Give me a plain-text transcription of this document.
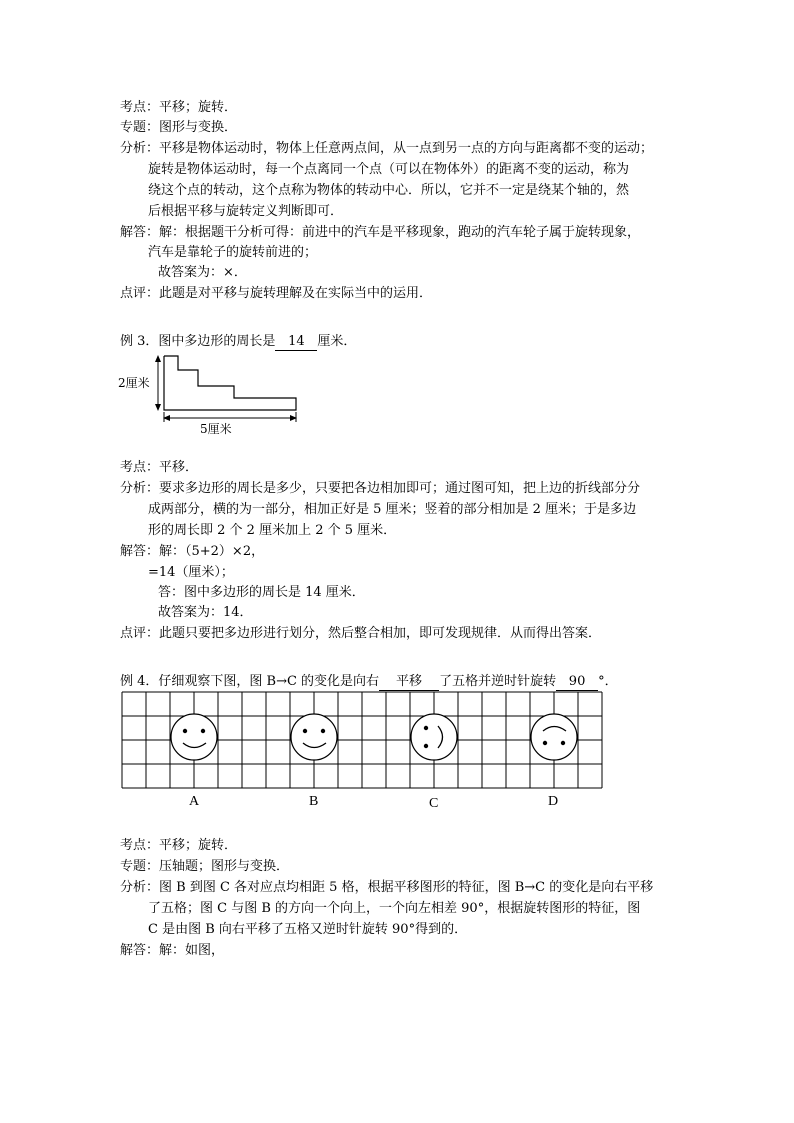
考点：平移；旋转．
专题：图形与变换．
分析：平移是物体运动时，物体上任意两点间，从一点到另一点的方向与距离都不变的运动；
旋转是物体运动时，每一个点离同一个点（可以在物体外）的距离不变的运动，称为
绕这个点的转动，这个点称为物体的转动中心．所以，它并不一定是绕某个轴的，然
后根据平移与旋转定义判断即可．
解答：解：根据题干分析可得：前进中的汽车是平移现象，跑动的汽车轮子属于旋转现象，
汽车是靠轮子的旋转前进的；
故答案为：×．
点评：此题是对平移与旋转理解及在实际当中的运用．
例 3．图中多边形的周长是 14 厘米．
2厘米
5厘米
考点：平移．
分析：要求多边形的周长是多少，只要把各边相加即可；通过图可知，把上边的折线部分分
成两部分，横的为一部分，相加正好是 5 厘米；竖着的部分相加是 2 厘米；于是多边
形的周长即 2 个 2 厘米加上 2 个 5 厘米．
解答：解：（5+2）×2，
=14（厘米）；
答：图中多边形的周长是 14 厘米．
故答案为：14．
点评：此题只要把多边形进行划分，然后整合相加，即可发现规律．从而得出答案．
例 4．仔细观察下图，图 B→C 的变化是向右 平移 了五格并逆时针旋转 90 °．
A	B	C	D
考点：平移；旋转．
专题：压轴题；图形与变换．
分析：图 B 到图 C 各对应点均相距 5 格，根据平移图形的特征，图 B→C 的变化是向右平移
了五格；图 C 与图 B 的方向一个向上，一个向左相差 90°，根据旋转图形的特征，图
C 是由图 B 向右平移了五格又逆时针旋转 90°得到的．
解答：解：如图，
